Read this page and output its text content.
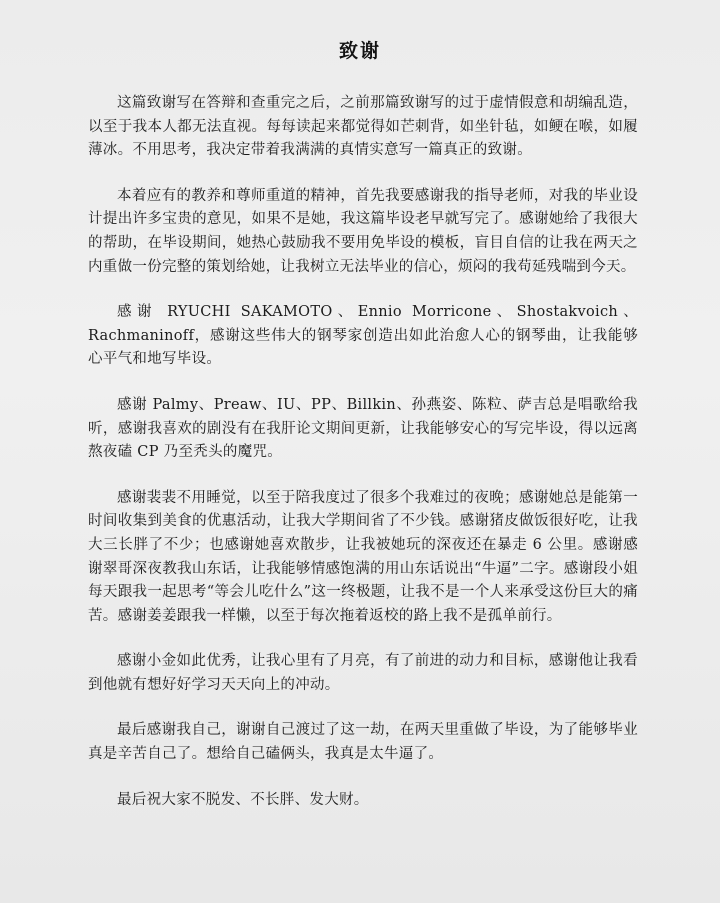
致谢

这篇致谢写在答辩和查重完之后，之前那篇致谢写的过于虚情假意和胡编乱造，以至于我本人都无法直视。每每读起来都觉得如芒刺背，如坐针毡，如鲠在喉，如履薄冰。不用思考，我决定带着我满满的真情实意写一篇真正的致谢。

本着应有的教养和尊师重道的精神，首先我要感谢我的指导老师，对我的毕业设计提出许多宝贵的意见，如果不是她，我这篇毕设老早就写完了。感谢她给了我很大的帮助，在毕设期间，她热心鼓励我不要用免毕设的模板，盲目自信的让我在两天之内重做一份完整的策划给她，让我树立无法毕业的信心，烦闷的我苟延残喘到今天。

感谢 RYUCHI SAKAMOTO、Ennio Morricone、Shostakvoich、Rachmaninoff，感谢这些伟大的钢琴家创造出如此治愈人心的钢琴曲，让我能够心平气和地写毕设。

感谢 Palmy、Preaw、IU、PP、Billkin、孙燕姿、陈粒、萨吉总是唱歌给我听，感谢我喜欢的剧没有在我肝论文期间更新，让我能够安心的写完毕设，得以远离熬夜磕 CP 乃至秃头的魔咒。

感谢裴裴不用睡觉，以至于陪我度过了很多个我难过的夜晚；感谢她总是能第一时间收集到美食的优惠活动，让我大学期间省了不少钱。感谢猪皮做饭很好吃，让我大三长胖了不少；也感谢她喜欢散步，让我被她玩的深夜还在暴走 6 公里。感谢感谢翠哥深夜教我山东话，让我能够情感饱满的用山东话说出“牛逼”二字。感谢段小姐每天跟我一起思考“等会儿吃什么”这一终极题，让我不是一个人来承受这份巨大的痛苦。感谢姜姜跟我一样懒，以至于每次拖着返校的路上我不是孤单前行。

感谢小金如此优秀，让我心里有了月亮，有了前进的动力和目标，感谢他让我看到他就有想好好学习天天向上的冲动。

最后感谢我自己，谢谢自己渡过了这一劫，在两天里重做了毕设，为了能够毕业真是辛苦自己了。想给自己磕俩头，我真是太牛逼了。

最后祝大家不脱发、不长胖、发大财。
